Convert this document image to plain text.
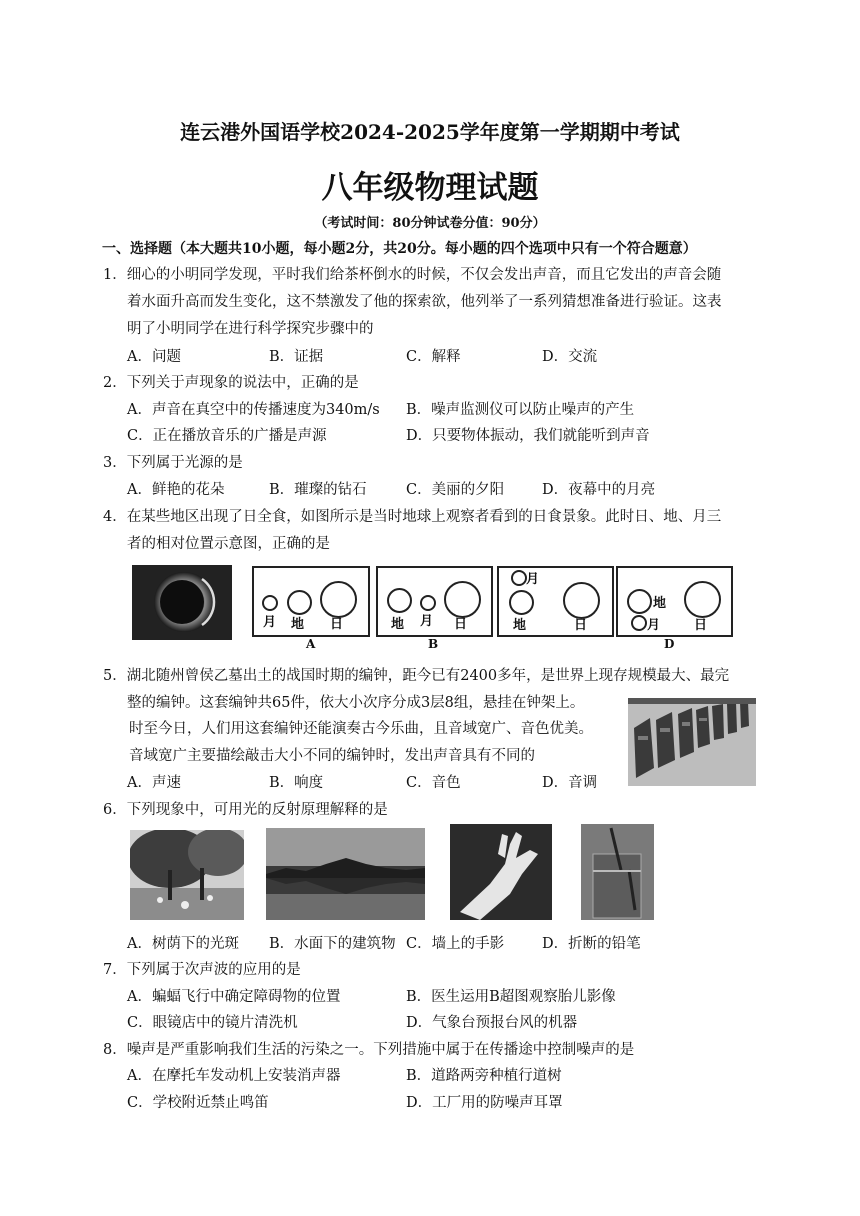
连云港外国语学校2024-2025学年度第一学期期中考试
八年级物理试题
（考试时间：80分钟试卷分值：90分）
一、选择题（本大题共10小题，每小题2分，共20分。每小题的四个选项中只有一个符合题意）
1．细心的小明同学发现，平时我们给茶杯倒水的时候，不仅会发出声音，而且它发出的声音会随
着水面升高而发生变化，这不禁激发了他的探索欲，他列举了一系列猜想准备进行验证。这表
明了小明同学在进行科学探究步骤中的
A．问题	B．证据	C．解释	D．交流
2．下列关于声现象的说法中，正确的是
A．声音在真空中的传播速度为340m/s B．噪声监测仪可以防止噪声的产生
C．正在播放音乐的广播是声源	D．只要物体振动，我们就能听到声音
3．下列属于光源的是
A．鲜艳的花朵	B．璀璨的钻石	C．美丽的夕阳	D．夜幕中的月亮
4．在某些地区出现了日全食，如图所示是当时地球上观察者看到的日食景象。此时日、地、月三
者的相对位置示意图，正确的是
月 地 日
A
地 月 日
B
月
地	日
地
月	日
D
5．湖北随州曾侯乙墓出土的战国时期的编钟，距今已有2400多年，是世界上现存规模最大、最完
整的编钟。这套编钟共65件，依大小次序分成3层8组，悬挂在钟架上。
时至今日，人们用这套编钟还能演奏古今乐曲，且音域宽广、音色优美。
音域宽广主要描绘敲击大小不同的编钟时，发出声音具有不同的
A．声速	B．响度	C．音色	D．音调
6．下列现象中，可用光的反射原理解释的是
A．树荫下的光斑 B．水面下的建筑物 C．墙上的手影	D．折断的铅笔
7．下列属于次声波的应用的是
A．蝙蝠飞行中确定障碍物的位置	B．医生运用B超图观察胎儿影像
C．眼镜店中的镜片清洗机	D．气象台预报台风的机器
8．噪声是严重影响我们生活的污染之一。下列措施中属于在传播途中控制噪声的是
A．在摩托车发动机上安装消声器	B．道路两旁种植行道树
C．学校附近禁止鸣笛	D．工厂用的防噪声耳罩
